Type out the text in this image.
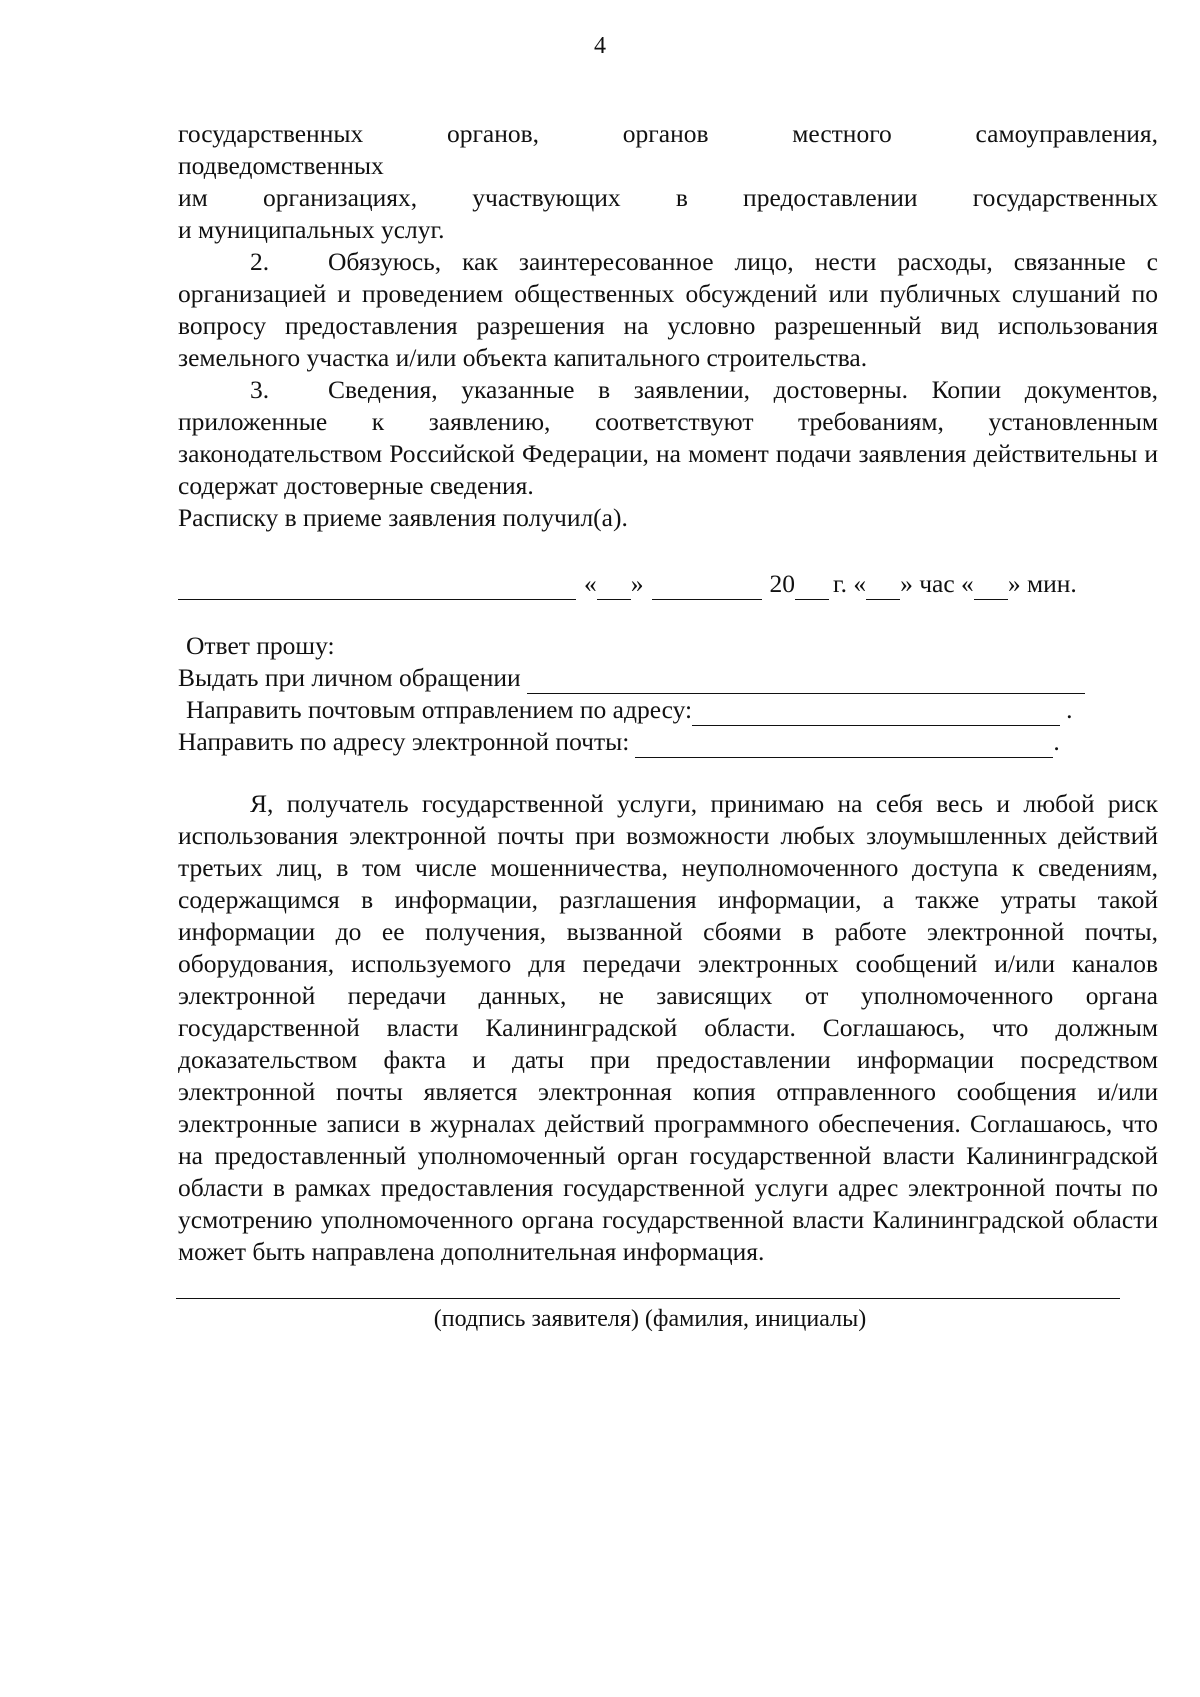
4

государственных органов, органов местного самоуправления,

подведомственных

им организациях, участвующих в предоставлении государственных

и муниципальных услуг.

2. Обязуюсь, как заинтересованное лицо, нести расходы, связанные с организацией и проведением общественных обсуждений или публичных слушаний по вопросу предоставления разрешения на условно разрешенный вид использования земельного участка и/или объекта капитального строительства.

3. Сведения, указанные в заявлении, достоверны. Копии документов, приложенные к заявлению, соответствуют требованиям, установленным законодательством Российской Федерации, на момент подачи заявления действительны и содержат достоверные сведения.

Расписку в приеме заявления получил(а).

« »	20 г. « » час « » мин.

Ответ прошу:

Выдать при личном обращении
Направить почтовым отправлением по адресу:	.
Направить по адресу электронной почты:	.

Я, получатель государственной услуги, принимаю на себя весь и любой риск использования электронной почты при возможности любых злоумышленных действий третьих лиц, в том числе мошенничества, неуполномоченного доступа к сведениям, содержащимся в информации, разглашения информации, а также утраты такой информации до ее получения, вызванной сбоями в работе электронной почты, оборудования, используемого для передачи электронных сообщений и/или каналов электронной передачи данных, не зависящих от уполномоченного органа государственной власти Калининградской области. Соглашаюсь, что должным доказательством факта и даты при предоставлении информации посредством электронной почты является электронная копия отправленного сообщения и/или электронные записи в журналах действий программного обеспечения. Соглашаюсь, что на предоставленный уполномоченный орган государственной власти Калининградской области в рамках предоставления государственной услуги адрес электронной почты по усмотрению уполномоченного органа государственной власти Калининградской области может быть направлена дополнительная информация.

(подпись заявителя) (фамилия, инициалы)
